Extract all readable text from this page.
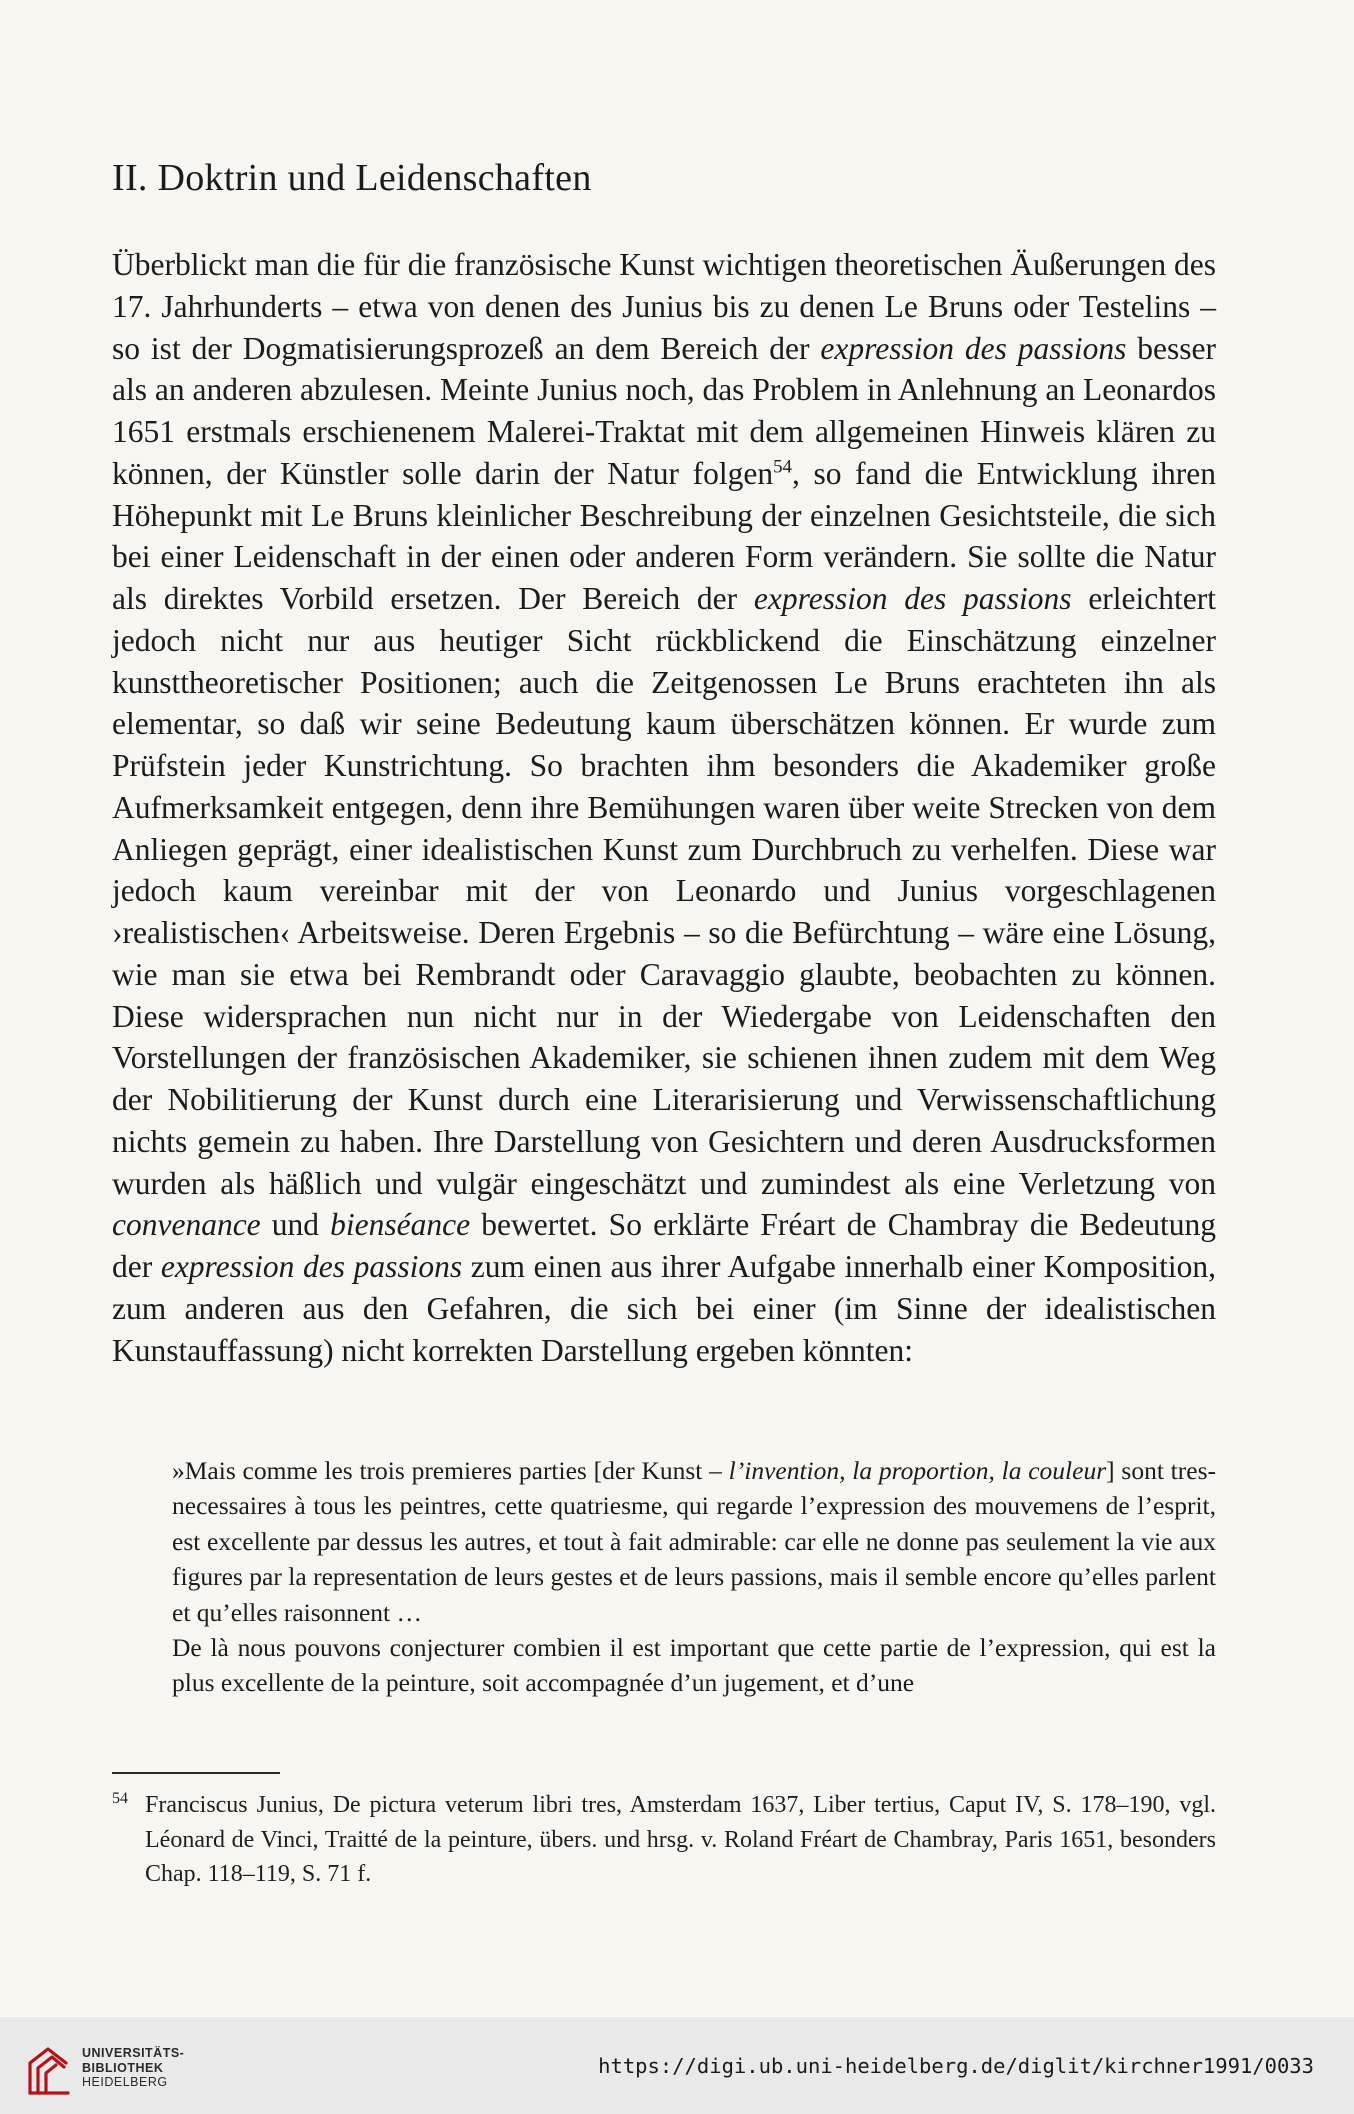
II. Doktrin und Leidenschaften

Überblickt man die für die französische Kunst wichtigen theoretischen Äußerungen des 17. Jahrhunderts – etwa von denen des Junius bis zu denen Le Bruns oder Testelins – so ist der Dogmatisierungsprozeß an dem Bereich der expression des passions besser als an anderen abzulesen. Meinte Junius noch, das Problem in Anlehnung an Leonardos 1651 erstmals erschienenem Malerei-Traktat mit dem allgemeinen Hinweis klären zu können, der Künstler solle darin der Natur folgen$^{54}$, so fand die Entwicklung ihren Höhepunkt mit Le Bruns kleinlicher Beschreibung der einzelnen Gesichtsteile, die sich bei einer Leidenschaft in der einen oder anderen Form verändern. Sie sollte die Natur als direktes Vorbild ersetzen. Der Bereich der expression des passions erleichtert jedoch nicht nur aus heutiger Sicht rückblickend die Einschätzung einzelner kunsttheoretischer Positionen; auch die Zeitgenossen Le Bruns erachteten ihn als elementar, so daß wir seine Bedeutung kaum überschätzen können. Er wurde zum Prüfstein jeder Kunstrichtung. So brachten ihm besonders die Akademiker große Aufmerksamkeit entgegen, denn ihre Bemühungen waren über weite Strecken von dem Anliegen geprägt, einer idealistischen Kunst zum Durchbruch zu verhelfen. Diese war jedoch kaum vereinbar mit der von Leonardo und Junius vorgeschlagenen ›realistischen‹ Arbeitsweise. Deren Ergebnis – so die Befürchtung – wäre eine Lösung, wie man sie etwa bei Rembrandt oder Caravaggio glaubte, beobachten zu können. Diese widersprachen nun nicht nur in der Wiedergabe von Leidenschaften den Vorstellungen der französischen Akademiker, sie schienen ihnen zudem mit dem Weg der Nobilitierung der Kunst durch eine Literarisierung und Verwissenschaftlichung nichts gemein zu haben. Ihre Darstellung von Gesichtern und deren Ausdrucksformen wurden als häßlich und vulgär eingeschätzt und zumindest als eine Verletzung von convenance und bienséance bewertet. So erklärte Fréart de Chambray die Bedeutung der expression des passions zum einen aus ihrer Aufgabe innerhalb einer Komposition, zum anderen aus den Gefahren, die sich bei einer (im Sinne der idealistischen Kunstauffassung) nicht korrekten Darstellung ergeben könnten:

»Mais comme les trois premieres parties [der Kunst – l’invention, la proportion, la couleur] sont tres-necessaires à tous les peintres, cette quatriesme, qui regarde l’expression des mouvemens de l’esprit, est excellente par dessus les autres, et tout à fait admirable: car elle ne donne pas seulement la vie aux figures par la representation de leurs gestes et de leurs passions, mais il semble encore qu’elles parlent et qu’elles raisonnent …

De là nous pouvons conjecturer combien il est important que cette partie de l’expression, qui est la plus excellente de la peinture, soit accompagnée d’un jugement, et d’une

54 Franciscus Junius, De pictura veterum libri tres, Amsterdam 1637, Liber tertius, Caput IV, S. 178–190, vgl. Léonard de Vinci, Traitté de la peinture, übers. und hrsg. v. Roland Fréart de Chambray, Paris 1651, besonders Chap. 118–119, S. 71 f.
UNIVERSITÄTS-
BIBLIOTHEK
HEIDELBERG
https://digi.ub.uni-heidelberg.de/diglit/kirchner1991/0033
